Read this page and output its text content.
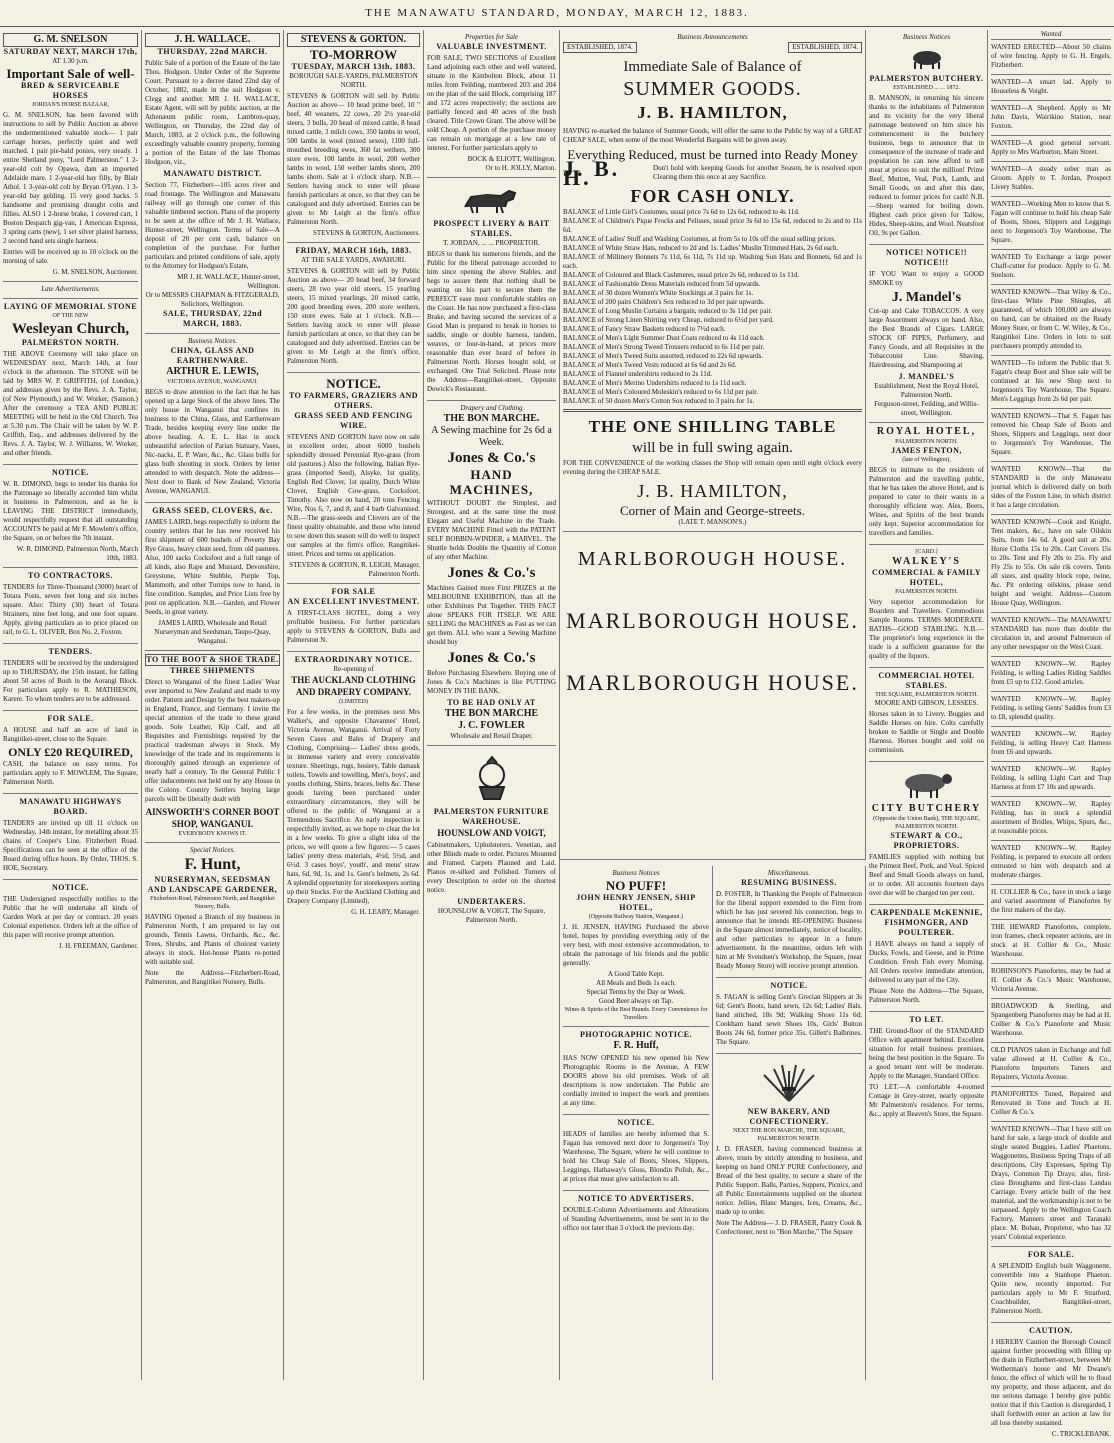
THE MANAWATU STANDARD, MONDAY, MARCH 12, 1883.
G. M. SNELSON
SATURDAY NEXT, MARCH 17th,
AT 1.30 p.m.
Important Sale of well-
BRED & SERVICEABLE HORSES
JORDAN'S HORSE BAZAAR,
G. M. SNELSON, has been favored with instructions to sell by Public Auction as above the undermentioned valuable stock— 1 pair carriage horses, perfectly quiet and well matched. 1 pair pie-bald ponies, very steady. 1 entire Shetland pony, "Lord Palmerston." 1 2-year-old colt by Opawa, dam an imported Adelaide mare. 1 2-year-old bay filly, by Blair Athol. 1 3-year-old colt by Bryan O'Lynn. 1 3-year-old bay gelding. 15 very good hacks. 5 handsome and promising draught colts and fillies. ALSO 1 2-horse brake, 1 covered cart, 1 Boston Despatch gig-van, 1 American Express, 3 spring carts (new), 1 set silver plated harness, 2 second hand sets single harness.
Entries will be received up to 10 o'clock on the morning of sale.
G. M. SNELSON, Auctioneer.
Late Advertisements.
LAYING OF MEMORIAL STONE
OF THE NEW
Wesleyan Church,
PALMERSTON NORTH.
THE ABOVE Ceremony will take place on WEDNESDAY next, March 14th, at four o'clock in the afternoon. The STONE will be laid by MRS W. P. GRIFFITH, (of London,) and addresses given by the Revs. J. A. Taylor, (of New Plymouth,) and W. Worker, (Sanson.) After the ceremony a TEA AND PUBLIC MEETING will be held in the Old Church. Tea at 5.30 p.m. The Chair will be taken by W. P. Griffith, Esq., and addresses delivered by the Revs. J. A. Taylor, W. J. Williams, W. Worker, and other friends.
NOTICE.
W. R. DIMOND, begs to tender his thanks for the Patronage so liberally accorded him whilst in business in Palmerston, and as he is LEAVING THE DISTRICT immediately, would respectfully request that all outstanding ACCOUNTS be paid at Mr F. Mowlem's office, the Square, on or before the 7th instant.
W. R. DIMOND. Palmerston North, March 10th, 1883.
TO CONTRACTORS.
TENDERS for Three-Thousand (3000) heart of Totara Posts, seven feet long and six inches square. Also: Thirty (30) heart of Totara Strainers, nine feet long, and one foot square. Apply, giving particulars as to price placed on rail, to G. L. OLIVER, Box No. 2, Foxton.
TENDERS.
TENDERS will be received by the undersigned up to THURSDAY, the 15th instant, for falling about 50 acres of Bush in the Aorangi Block. For particulars apply to R. MATHIESON, Karere. To whom tenders are to be addressed.
FOR SALE.
A HOUSE and half an acre of land in Rangitikei-street, close to the Square.
ONLY £20 REQUIRED,
CASH, the balance on easy terms. For particulars apply to F. MOWLEM, The Square, Palmerston North.
MANAWATU HIGHWAYS BOARD.
TENDERS are invited up till 11 o'clock on Wednesday, 14th instant, for metalling about 35 chains of Cooper's Line, Fitzherbert Road. Specifications can be seen at the office of the Board during office hours. By Order, THOS. S. HOE, Secretary.
NOTICE.
THE Undersigned respectfully notifies to the Public that he will undertake all kinds of Garden Work at per day or contract. 20 years Colonial experience. Orders left at the office of this paper will receive prompt attention.
J. H. FREEMAN, Gardener.
J. H. WALLACE.
THURSDAY, 22nd MARCH.
Public Sale of a portion of the Estate of the late Thos. Hodgson. Under Order of the Supreme Court. Pursuant to a decree dated 22nd day of October, 1882, made in the suit Hodgson v. Clegg and another. MR J. H. WALLACE, Estate Agent, will sell by public auction, at the Athenæum public room, Lambton-quay, Wellington, on Thursday, the 22nd day of March, 1883, at 2 o'clock p.m., the following exceedingly valuable country property, forming a portion of the Estate of the late Thomas Hodgson, viz.,
MANAWATU DISTRICT.
Section 77, Fitzherbert—105 acres river and road frontage. The Wellington and Manawatu railway will go through one corner of this valuable timbered section. Plans of the property to be seen at the office of Mr J. H. Wallace, Hunter-street, Wellington. Terms of Sale—A deposit of 20 per cent cash, balance on completion of the purchase. For further particulars and printed conditions of sale, apply to the Attorney for Hodgson's Estate,
MR J. H. WALLACE, Hunter-street, Wellington.
Or to MESSRS CHAPMAN & FITZGERALD, Solicitors, Wellington.
SALE, THURSDAY, 22nd MARCH, 1883.
Business Notices.
CHINA, GLASS AND EARTHENWARE.
ARTHUR E. LEWIS,
VICTORIA AVENUE, WANGANUI.
BEGS to draw attention to the fact that he has opened up a large Stock of the above lines. The only house in Wanganui that confines its business to the China, Glass, and Earthenware Trade, besides keeping every line under the above heading. A. E. L. Has in stock unbeautiful selection of Parian Statuary, Vases, Nic-nacks, E. P. Ware, &c., &c. Glass bulls for glass bulb shouting in stock. Orders by letter attended to with despatch. Note the address—Next door to Bank of New Zealand, Victoria Avenue, WANGANUI.
GRASS SEED, CLOVERS, &c.
JAMES LAIRD, begs respectfully to inform the country settlers that he has now received his first shipment of 600 bushels of Poverty Bay Rye Grass, heavy clean seed, from old pastures. Also, 100 sacks Cocksfoot and a full range of all kinds, also Rape and Mustard, Devonshire, Greystone, White Stubble, Purple Top, Mammoth, and other Turnips now to hand, in fine condition. Samples, and Price Lists free by post on application. N.B.—Garden, and Flower Seeds, in great variety.
JAMES LAIRD, Wholesale and Retail Nurseryman and Seedsman, Taupo-Quay, Wanganui.
TO THE BOOT & SHOE TRADE.
THREE SHIPMENTS
Direct to Wanganui of the finest Ladies' Wear ever imported to New Zealand and made to my order. Pattern and Design by the best makers-up in England, France, and Germany. I invite the special attention of the trade to these grand goods. Sole Leather, Kip Calf, and all Requisites and Furnishings required by the practical tradesman always in Stock. My knowledge of the trade and its requirements is thoroughly gained through an experience of nearly half a century. To the General Public I offer inducements not held out by any House in the Colony. Country Settlers buying large parcels will be liberally dealt with
AINSWORTH'S CORNER BOOT SHOP, WANGANUI.
EVERYBODY KNOWS IT.
Special Notices.
F. Hunt,
NURSERYMAN, SEEDSMAN AND LANDSCAPE GARDENER,
Fitzherbert-Road, Palmerston North, and Rangitikei Nursery, Bulls.
HAVING Opened a Branch of my business in Palmerston North, I am prepared to lay out grounds, Tennis Lawns, Orchards, &c., &c. Trees, Shrubs, and Plants of choicest variety always in stock. Hot-house Plants re-potted with suitable soil.
Note the Address—Fitzherbert-Road, Palmerston, and Rangitikei Nursery, Bulls.
STEVENS & GORTON.
TO-MORROW
TUESDAY, MARCH 13th, 1883.
BOROUGH SALE-YARDS, PALMERSTON NORTH.
STEVENS & GORTON will sell by Public Auction as above— 10 head prime beef, 10 " beef, 40 weaners, 22 cows, 20 2½ year-old steers, 3 bulls, 20 head of mixed cattle, 8 head mixed cattle, 3 milch cows, 350 lambs in wool, 500 lambs in wool (mixed sexes), 1100 full-mouthed breeding ewes, 360 fat wethers, 300 store ewes, 100 lambs in wool, 200 wether lambs in wool, 150 wether lambs shorn, 200 lambs shorn. Sale at 1 o'clock sharp. N.B.—Settlers having stock to enter will please furnish particulars at once, so that they can be catalogued and duly advertised. Entries can be given to Mr Leigh at the firm's office Palmerston North.
STEVENS & GORTON, Auctioneers.
FRIDAY, MARCH 16th, 1883.
AT THE SALE YARDS, AWAHURI.
STEVENS & GORTON will sell by Public Auction as above— 20 head beef, 34 forward steers, 28 two year old steers, 15 yearling steers, 15 mixed yearlings, 20 mixed cattle, 200 good breeding ewes, 200 store wethers, 150 store ewes. Sale at 1 o'clock. N.B.—Settlers having stock to enter will please furnish particulars at once, so that they can be catalogued and duly advertised. Entries can be given to Mr Leigh at the firm's office, Palmerston North.
NOTICE.
TO FARMERS, GRAZIERS AND OTHERS.
GRASS SEED AND FENCING WIRE.
STEVENS AND GORTON have now on sale in excellent order, about 6000 bushels splendidly dressed Perennial Rye-grass (from old pastures.) Also the following, Italian Rye-grass (imported Seed), Alsyke, 1st quality, English Red Clover, 1st quality, Dutch White Clover, English Cow-grass, Cocksfoot, Timothy. Also now on hand, 20 tons Fencing Wire, Nos 6, 7, and 8, and 4 barb Galvanised. N.B.—The grass-seeds and Clovers are of the finest quality obtainable, and those who intend to sow down this season will do well to inspect our samples at the firm's office, Rangitikei-street. Prices and terms on application.
STEVENS & GORTON, R. LEIGH, Manager, Palmerston North.
FOR SALE
AN EXCELLENT INVESTMENT.
A FIRST-CLASS HOTEL, doing a very profitable business. For further particulars apply to STEVENS & GORTON, Bulls and Palmerston N.
EXTRAORDINARY NOTICE.
Re-opening of
THE AUCKLAND CLOTHING AND DRAPERY COMPANY.
(LIMITED)
For a few weeks, in the premises next Mrs Walker's, and opposite Chavannes' Hotel, Victoria Avenue, Wanganui. Arrival of Forty Seven Cases and Bales of Drapery and Clothing, Comprising— Ladies' dress goods, in immense variety and every conceivable texture. Sheetings, rugs, hosiery, Table damask toilets, Towels and towelling, Men's, boys', and youths clothing, Shirts, braces, belts &c. These goods having been purchased under extraordinary circumstances, they will be offered to the public of Wanganui at a Tremendous Sacrifice. An early inspection is respectfully invited, as we hope to clear the lot in a few weeks. To give a slight idea of the prices, we will quote a few figures:— 5 cases ladies' pretty dress materials, 4½d, 5½d, and 6½d. 3 cases boys', youth', and mens' straw hats, 6d, 9d, 1s, and 1s. Gent's helmets, 2s 6d. A splendid opportunity for storekeepers sorting up their Stocks. For the Auckland Clothing and Drapery Company (Limited),
G. H. LEARY, Manager.
Properties for Sale
VALUABLE INVESTMENT.
FOR SALE, TWO SECTIONS of Excellent Land adjoining each other and well watered, situate in the Kimbolton Block, about 11 miles from Feilding, numbered 203 and 204 on the plan of the said Block, comprising 187 and 172 acres respectively; the sections are partially fenced and 40 acres of the bush cleared. Title Crown Grant. The above will be sold Cheap. A portion of the purchase money can remain on mortgage at a low rate of interest. For further particulars apply to
BOCK & ELIOTT, Wellington.
Or to H. JOLLY, Marton.
PROSPECT LIVERY & BAIT STABLES.
T. JORDAN, ... ... PROPRIETOR.
BEGS to thank his numerous friends, and the Public for the liberal patronage accorded to him since opening the above Stables, and begs to assure them that nothing shall be wanting on his part to secure them the PERFECT ease most comfortable stables on the Coast. He has now purchased a first-class Brake, and having secured the services of a Good Man is prepared to break in horses to saddle, single or double harness, tandem, weaves, or four-in-hand, at prices more reasonable than ever heard of before in Palmerston North. Horses bought sold, or exchanged. One Trial Solicited. Please note the Address—Rangitikei-street, Opposite Dowick's Restaurant.
Drapery and Clothing
THE BON MARCHE.
A Sewing machine for 2s 6d a Week.
Jones & Co.'s
HAND MACHINES,
WITHOUT DOUBT the Simplest, and Strongest, and at the same time the most Elegant and Useful Machine in the Trade. EVERY MACHINE Fitted with the PATENT SELF BOBBIN-WINDER, a MARVEL. The Shuttle holds Double the Quantity of Cotton of any other Machine.
Jones & Co.'s
Machines Gained more First PRIZES at the MELBOURNE EXHIBITION, than all the other Exhibitors Put Together. THIS FACT alone SPEAKS FOR ITSELF. WE ARE SELLING the MACHINES as Fast as we can get them. ALL who want a Sewing Machine should buy
Jones & Co.'s
Before Purchasing Elsewhere. Buying one of Jones & Co.'s Machines is like PUTTING MONEY IN THE BANK.
TO BE HAD ONLY AT
THE BON MARCHE
J. C. FOWLER
Wholesale and Retail Draper.
PALMERSTON FURNITURE WAREHOUSE.
HOUNSLOW AND VOIGT,
Cabinetmakers, Upholsterers. Venetian, and other Blinds made to order. Pictures Mounted and Framed. Carpets Planned and Laid. Pianos re-silked and Polished. Turners of every Description to order on the shortest notice.
UNDERTAKERS.
HOUNSLOW & VOIGT, The Square, Palmerston North.
Business Announcements
ESTABLISHED, 1874.	ESTABLISHED, 1874.
Immediate Sale of Balance of
SUMMER GOODS.
J. B. HAMILTON,
HAVING re-marked the balance of Summer Goods, will offer the same to the Public by way of a GREAT CHEAP SALE, when some of the most Wonderful Bargains will be given away.
Everything Reduced, must be turned into Ready Money
J. B. H.	Don't hold with keeping Goods for another Season, he is resolved upon Clearing them this once at any Sacrifice.
FOR CASH ONLY.
BALANCE of Little Girl's Costumes, usual price 7s 6d to 12s 6d, reduced to 4s 11d.
BALANCE of Children's Pique Frocks and Pelisses, usual price 3s 6d to 15s 6d, reduced to 2s and to 11s 6d.
BALANCE of Ladies' Stuff and Washing Costumes, at from 5s to 10s off the usual selling prices.
BALANCE of White Straw Hats, reduced to 2d and 1s. Ladies' Muslin Trimmed Hats, 2s 6d each.
BALANCE of Millinery Bonnets 7s 11d, 6s 11d, 7s 11d up. Washing Sun Hats and Bonnets, 6d and 1s each.
BALANCE of Coloured and Black Cashmeres, usual price 2s 6d, reduced to 1s 11d.
BALANCE of Fashionable Dress Materials reduced from 5d upwards.
BALANCE of 30 dozen Women's White Stockings at 3 pairs for 1s.
BALANCE of 200 pairs Children's Sox reduced to 3d per pair upwards.
BALANCE of Long Muslin Curtains a bargain, reduced to 3s 11d per pair.
BALANCE of Strong Linen Shirting very Cheap, reduced to 6½d per yard.
BALANCE of Fancy Straw Baskets reduced to 7½d each.
BALANCE of Men's Light Summer Dust Coats reduced to 4s 11d each.
BALANCE of Men's Strong Tweed Trousers reduced to 6s 11d per pair.
BALANCE of Men's Tweed Suits assorted, reduced to 22s 6d upwards.
BALANCE of Men's Tweed Vests reduced at 6s 6d and 2s 6d.
BALANCE of Flannel undershirts reduced to 2s 11d.
BALANCE of Men's Merino Undershirts reduced to 1s 11d each.
BALANCE of Men's Coloured Moleskin's reduced to 6s 11d per pair.
BALANCE of 50 dozen Men's Cotton Sox reduced to 3 pairs for 1s.
THE ONE SHILLING TABLE
will be in full swing again.
FOR THE CONVENIENCE of the working classes the Shop will remain open until eight o'clock every evening during the CHEAP SALE.
J. B. HAMILTON,
Corner of Main and George-streets.
(LATE T. MANSON'S.)
MARLBOROUGH HOUSE.
MARLBOROUGH HOUSE.
MARLBOROUGH HOUSE.
Business Notices
NO PUFF!
JOHN HENRY JENSEN, SHIP HOTEL,
(Opposite Railway Station, Wanganui.)
J. H. JENSEN, HAVING Purchased the above hotel, hopes by providing everything only of the very best, with most extensive accommodation, to obtain the patronage of his friends and the public generally.
A Good Table Kept.
All Meals and Beds 1s each.
Special Terms by the Day or Week.
Good Beer always on Tap.
Wines & Spirits of the Best Brands. Every Convenience for Travellers.
PHOTOGRAPHIC NOTICE.
F. R. Huff,
HAS NOW OPENED his new opened his New Photographic Rooms in the Avenue, A FEW DOORS above his old premises. Work of all descriptions is now undertaken. The Public are cordially invited to inspect the work and premises at any time.
NOTICE.
HEADS of families are hereby informed that S. Fagan has removed next door to Jorgensen's Toy Warehouse, The Square, where he will continue to hold his Cheap Sale of Boots, Shoes, Slippers, Leggings, Hathaway's Gloss, Blondin Polish, &c., at prices that must give satisfaction to all.
NOTICE TO ADVERTISERS.
DOUBLE-Column Advertisements and Alterations of Standing Advertisements, must be sent in to the office not later than 3 o'clock the previous day.
Miscellaneous.
RESUMING BUSINESS.
D. FOSTER, In Thanking the People of Palmerston for the liberal support extended to the Firm from which he has just severed his connection, begs to announce that he intends RE-OPENING Business in the Square almost immediately, notice of locality, and other particulars to appear in a future advertisement. In the meantime, orders left with him at Mr Svendsen's Workshop, the Square, (near Ready Money Store) will receive prompt attention.
NOTICE.
S. FAGAN is selling Gent's Grecian Slippers at 3s 6d; Gent's Boots, hand sewn, 12s 6d; Ladies' Bals. hand stitched, 18s 9d; Walking Shoes 11s 6d; Cookham hand sewn Shoes 10s, Girls' Button Boots 24s 6d, former price 35s. Gillett's Balbrines. The Square.
NEW BAKERY, AND CONFECTIONERY.
NEXT THE BON MARCHE, THE SQUARE, PALMERSTON NORTH.
J. D. FRASER, having commenced business at above, trusts by strictly attending to business, and keeping on hand ONLY PURE Confectionery, and Bread of the best quality, to secure a share of the Public Support. Balls, Parties, Suppers, Picnics, and all Public Entertainments supplied on the shortest notice. Jellies, Blanc Manges, Ices, Creams, &c., made up to order.
Note The Address— J. D. FRASER, Pastry Cook & Confectioner, next to "Bon Marche," The Square
Business Notices
PALMERSTON BUTCHERY.
ESTABLISHED ... ... 1872.
B. MANSON, in returning his sincere thanks to the inhabitants of Palmerston and its vicinity for the very liberal patronage bestowed on him since his commencement in the butchery business, begs to announce that in consequence of the increase of trade and population he can now afford to sell meat at prices to suit the million! Prime Beef, Mutton, Veal, Pork, Lamb, and Small Goods, on and after this date, reduced to former prices for cash! N.B.—Sheep wanted for boiling down. Highest cash price given for Tallow, Hides, Sheep-skins, and Wool. Neatsfoot Oil, 9s per Gallon.
NOTICE! NOTICE!! NOTICE!!!
IF YOU Want to enjoy a GOOD SMOKE try
J. Mandel's
Cut-up and Cake TOBACCOS. A very large Assortment always on hand. Also, the Best Brands of Cigars. LARGE STOCK OF PIPES, Perfumery, and Fancy Goods, and all Requisites in the Tobacconist Line. Shaving, Hairdressing, and Shampooing at
J. MANDEL'S
Establishment, Next the Royal Hotel, Palmerston North.
Ferguson-street, Feilding, and Willis-street, Wellington.
ROYAL HOTEL,
PALMERSTON NORTH.
JAMES FENTON,
(late of Wellington),
BEGS to intimate to the residents of Palmerston and the travelling public, that he has taken the above Hotel, and is prepared to cater to their wants in a thoroughly efficient way. Ales, Beers, Wines, and Spirits of the best brands only kept. Superior accommodation for travellers and families.
[CARD.]
WALKEY'S
COMMERCIAL & FAMILY HOTEL,
PALMERSTON NORTH.
Very superior accommodation for Boarders and Travellers. Commodious Sample Rooms. TERMS MODERATE. BATHS—GOOD STABLING. N.B.—The proprietor's long experience in the trade is a sufficient guarantee for the quality of the liquors.
COMMERCIAL HOTEL STABLES.
THE SQUARE, PALMERSTON NORTH.
MOORE AND GIBSON, LESSEES.
Horses taken in to Livery. Buggies and Saddle Horses on hire. Colts carefully broken to Saddle or Single and Double Harness. Horses bought and sold on commission.
CITY BUTCHERY
(Opposite the Union Bank), THE SQUARE, PALMERSTON NORTH.
STEWART & CO., PROPRIETORS.
FAMILIES supplied with nothing but the Primest Beef, Pork, and Veal. Spiced Beef and Small Goods always on hand, or to order. All accounts fourteen days over due will be charged ten per cent.
CARPENDALE McKENNIE, FISHMONGER, AND POULTERER.
I HAVE always on hand a supply of Ducks, Fowls, and Geese, and in Prime Condition. Fresh Fish every Morning. All Orders receive immediate attention, delivered to any part of the City.
Please Note the Address—The Square, Palmerston North.
TO LET.
THE Ground-floor of the STANDARD Office with apartment behind. Excellent situation for retail business premises, being the best position in the Square. To a good tenant rent will be moderate. Apply to the Manager, Standard Office.
TO LET.—A comfortable 4-roomed Cottage in Grey-street, nearly opposite Mr Palmerston's residence. For terms, &c., apply at Beaven's Store, the Square.
Wanted
WANTED ERECTED—About 50 chains of wire fencing. Apply to G. H. Engels, Fitzherbert.
WANTED—A smart lad. Apply to Houseless & Voight.
WANTED—A Shepherd. Apply to Mr John Davis, Wairikino Station, near Foxton.
WANTED—A good general servant. Apply to Mrs Warburton, Main Street.
WANTED—A steady sober man as Groom. Apply to T. Jordan, Prospect Livery Stables.
WANTED—Working Men to know that S. Fagan will continue to hold his cheap Sale of Boots, Shoes, Slippers and Leggings next to Jorgenson's Toy Warehouse, The Square.
WANTED To Exchange a large power Chaff-cutter for produce. Apply to G. M. Snelson.
WANTED KNOWN—That Wiley & Co., first-class White Pine Shingles, all guaranteed, of which 100,000 are always on hand, can be obtained on the Ready Money Store, or from C. W. Wiley, & Co., Rangitikei Line. Orders in lots to suit purchasers promptly attended to.
WANTED—To inform the Public that S. Fagan's cheap Boot and Shoe sale will be continued at his new Shop next to Jorgenson's Toy Warehouse, The Square. Men's Leggings from 2s 6d per pair.
WANTED KNOWN—That S. Fagan has removed his Cheap Sale of Boots and Shoes, Slippers and Leggings, next door to Jorgenson's Toy Warehouse, The Square.
WANTED KNOWN—That the STANDARD is the only Manawatu journal which is delivered daily on both sides of the Foxton Line, in which district it has a large circulation.
WANTED KNOWN—Cook and Knight, Tent makers, &c., have on sale Oilskin Suits, from 14s 6d. A good suit at 20s. Horse Cloths 15s to 20s. Cart Covers 15s to 20s. Tent and Fly 20s to 25s. Fly and Fly 25s to 55s. On sale rik covers. Tents all sizes, and quality block rope, twine, &c. Pit ordering oilskins, please send height and weight. Address—Custom House Quay, Wellington.
WANTED KNOWN—The MANAWATU STANDARD has more than double the circulation in, and around Palmerston of any other newspaper on the West Coast.
WANTED KNOWN—W. Rapley Feilding, is selling Ladies Riding Saddles from £5 up to £12. Good articles.
WANTED KNOWN—W. Rapley Feilding, is selling Gents' Saddles from £3 to £8, splendid quality.
WANTED KNOWN—W. Rapley Feilding, is selling Heavy Cart Harness from £6 and upwards.
WANTED KNOWN—W. Rapley Feilding, is selling Light Cart and Trap Harness at from £7 10s and upwards.
WANTED KNOWN—W. Rapley Feilding, has in stock a splendid assortment of Bridles, Whips, Spurs, &c., at reasonable prices.
WANTED KNOWN—W. Rapley Feilding, is prepared to execute all orders entrusted to him with despatch and at moderate charges.
H. COLLIER & Co., have in stock a large and varied assortment of Pianofortes by the first makers of the day.
THE HEWARD Pianofortes, complete, iron frames, check repeater actions, are in stock at H. Collier & Co., Music Warehouse.
ROBINSON'S Pianofortes, may be had at H. Collier & Co.'s Music Warehouse, Victoria Avenue.
BROADWOOD & Sterling, and Spangenberg Pianofortes may be had at H. Collier & Co.'s Pianoforte and Music Warehouse.
OLD PIANOS taken in Exchange and full value allowed at H. Collier & Co., Pianoforte Importers Tuners and Repairers, Victoria Avenue.
PIANOFORTES Tuned, Repaired and Renovated in Tone and Touch at H. Collier & Co.'s.
WANTED KNOWN—That I have still on hand for sale, a large stock of double and single seated Buggies, Ladies' Phaetons, Waggonettes, Business Spring Traps of all descriptions, City Expresses, Spring Tip Drays, Common Tip Drays; also, first-class Broughams and first-class Landau Carriage. Every article built of the best material, and the workmanship is not to be surpassed. Apply to the Wellington Coach Factory, Manners street and Taranaki place. M. Bohan, Proprietor, who has 32 years' Colonial experience.
FOR SALE.
A SPLENDID English built Waggonette, convertible into a Stanhope Phaeton. Quite new, recently imported. For particulars apply to Mr F. Stratford, Coachbuilder, Rangitikei-street, Palmerston North.
CAUTION.
I HEREBY Caution the Borough Council against further proceeding with filling up the drain in Fitzherbert-street, between Mr Wotherman's house and Mr Dwane's fence, the effect of which will be to flood my property, and those adjacent, and do me serious damage. I hereby give public notice that if this Caution is disregarded, I shall forthwith enter an action at law for all loss thereby sustained.
C. TRICKLEBANK.
